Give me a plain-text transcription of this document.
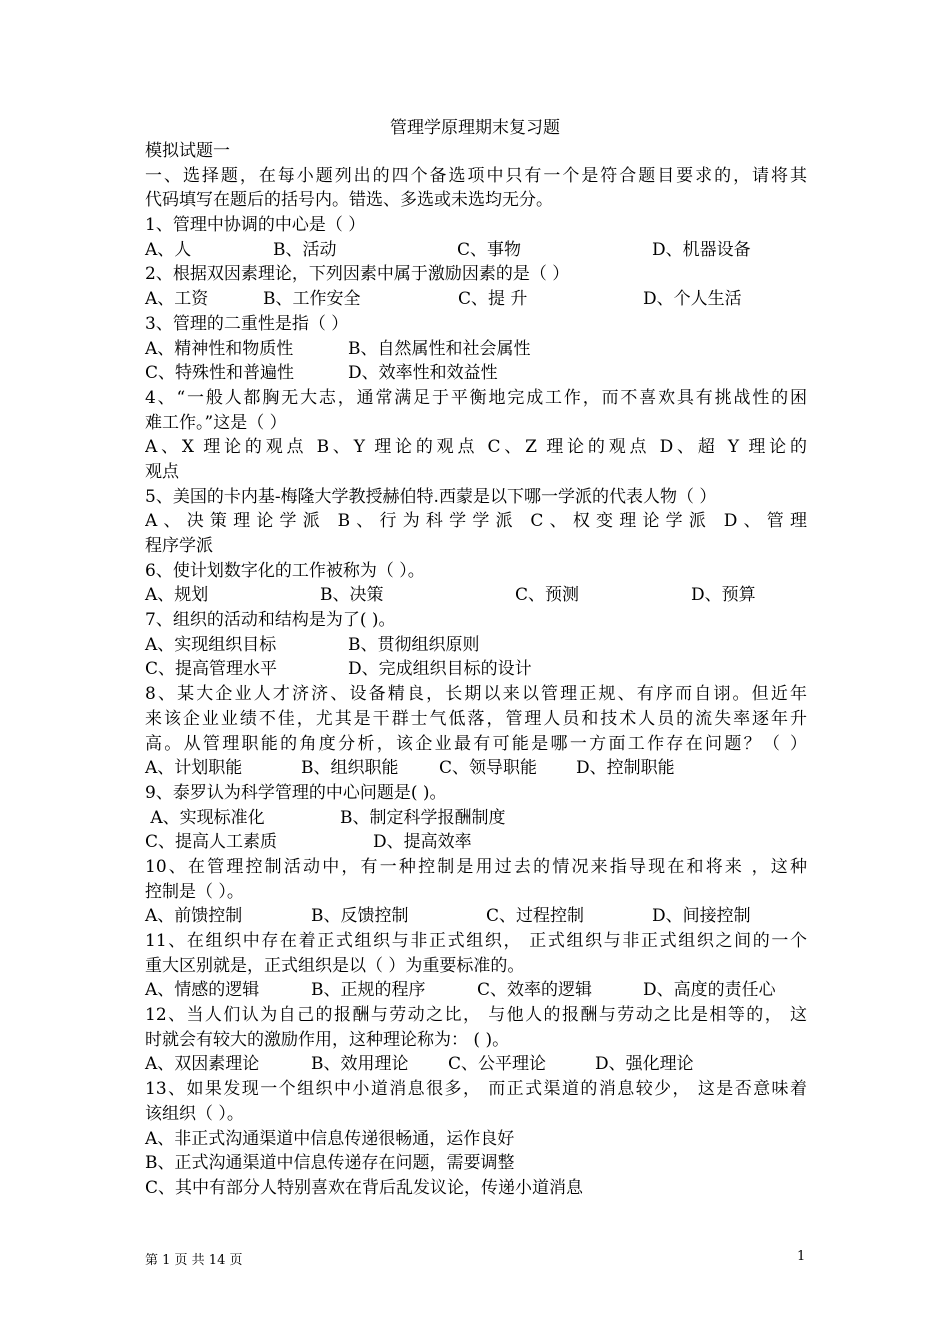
管理学原理期末复习题
模拟试题一
一、选择题，在每小题列出的四个备选项中只有一个是符合题目要求的，请将其
代码填写在题后的括号内。错选、多选或未选均无分。
1、管理中协调的中心是（ ）
A、人	B、活动	C、事物	D、机器设备
2、根据双因素理论，下列因素中属于激励因素的是（ ）
A、工资	B、工作安全	C、提 升	D、个人生活
3、管理的二重性是指（ ）
A、精神性和物质性	B、自然属性和社会属性
C、特殊性和普遍性	D、效率性和效益性
4、“一般人都胸无大志，通常满足于平衡地完成工作，而不喜欢具有挑战性的困
难工作。”这是（ ）
A、X 理论的观点 B、Y 理论的观点 C、Z 理论的观点 D、超 Y 理论的
观点
5、美国的卡内基-梅隆大学教授赫伯特.西蒙是以下哪一学派的代表人物（ ）
A、决策理论学派 B、行为科学学派 C、权变理论学派 D、管理
程序学派
6、使计划数字化的工作被称为（ ）。
A、规划	B、决策	C、预测	D、预算
7、组织的活动和结构是为了( )。
A、实现组织目标	B、贯彻组织原则
C、提高管理水平	D、完成组织目标的设计
8、某大企业人才济济、设备精良，长期以来以管理正规、有序而自诩。但近年
来该企业业绩不佳，尤其是干群士气低落，管理人员和技术人员的流失率逐年升
高。从管理职能的角度分析，该企业最有可能是哪一方面工作存在问题？（ ）
A、计划职能	B、组织职能	C、领导职能	D、控制职能
9、泰罗认为科学管理的中心问题是( )。
A、实现标准化	B、制定科学报酬制度
C、提高人工素质	D、提高效率
10、在管理控制活动中，有一种控制是用过去的情况来指导现在和将来 ，这种
控制是（ ）。
A、前馈控制	B、反馈控制	C、过程控制	D、间接控制
11、在组织中存在着正式组织与非正式组织， 正式组织与非正式组织之间的一个
重大区别就是，正式组织是以（ ）为重要标准的。
A、情感的逻辑	B、正规的程序	C、效率的逻辑	D、高度的责任心
12、当人们认为自己的报酬与劳动之比， 与他人的报酬与劳动之比是相等的， 这
时就会有较大的激励作用，这种理论称为： ( )。
A、双因素理论	B、效用理论	C、公平理论	D、强化理论
13、如果发现一个组织中小道消息很多， 而正式渠道的消息较少， 这是否意味着
该组织（ ）。
A、非正式沟通渠道中信息传递很畅通，运作良好
B、正式沟通渠道中信息传递存在问题，需要调整
C、其中有部分人特别喜欢在背后乱发议论，传递小道消息
第 1 页 共 14 页	1
